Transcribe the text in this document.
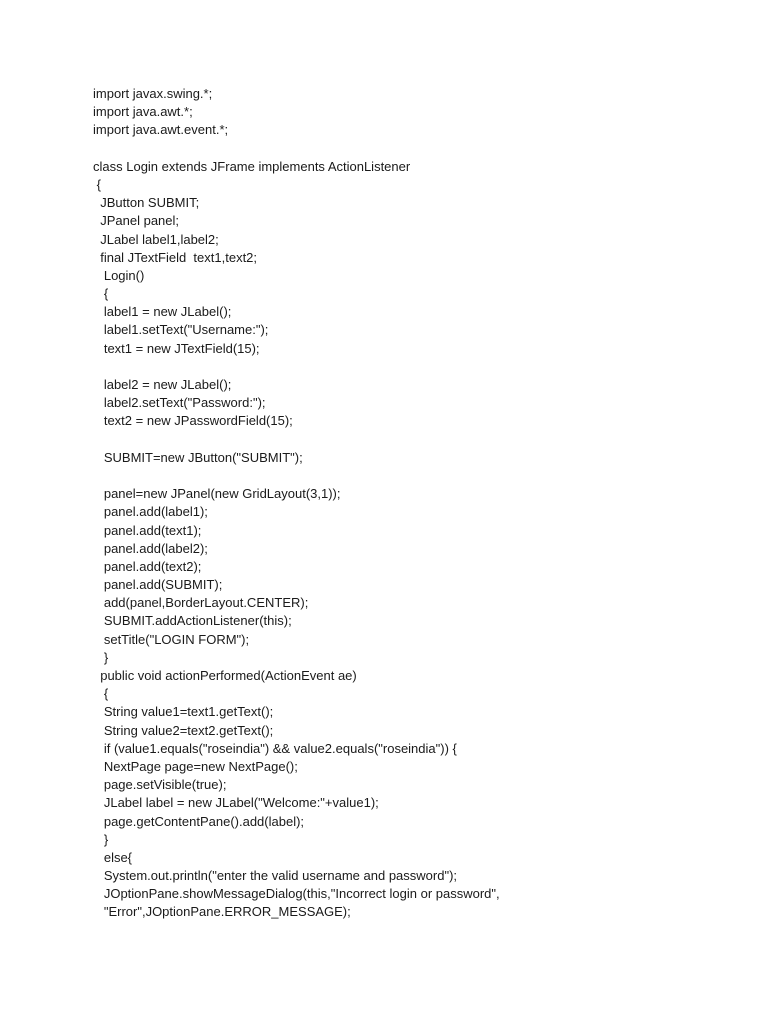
import javax.swing.*;
import java.awt.*;
import java.awt.event.*;
class Login extends JFrame implements ActionListener
{
JButton SUBMIT;
JPanel panel;
JLabel label1,label2;
final JTextField  text1,text2;
Login()
{
label1 = new JLabel();
label1.setText("Username:");
text1 = new JTextField(15);
label2 = new JLabel();
label2.setText("Password:");
text2 = new JPasswordField(15);
SUBMIT=new JButton("SUBMIT");
panel=new JPanel(new GridLayout(3,1));
panel.add(label1);
panel.add(text1);
panel.add(label2);
panel.add(text2);
panel.add(SUBMIT);
add(panel,BorderLayout.CENTER);
SUBMIT.addActionListener(this);
setTitle("LOGIN FORM");
}
public void actionPerformed(ActionEvent ae)
{
String value1=text1.getText();
String value2=text2.getText();
if (value1.equals("roseindia") && value2.equals("roseindia")) {
NextPage page=new NextPage();
page.setVisible(true);
JLabel label = new JLabel("Welcome:"+value1);
page.getContentPane().add(label);
}
else{
System.out.println("enter the valid username and password");
JOptionPane.showMessageDialog(this,"Incorrect login or password",
"Error",JOptionPane.ERROR_MESSAGE);
